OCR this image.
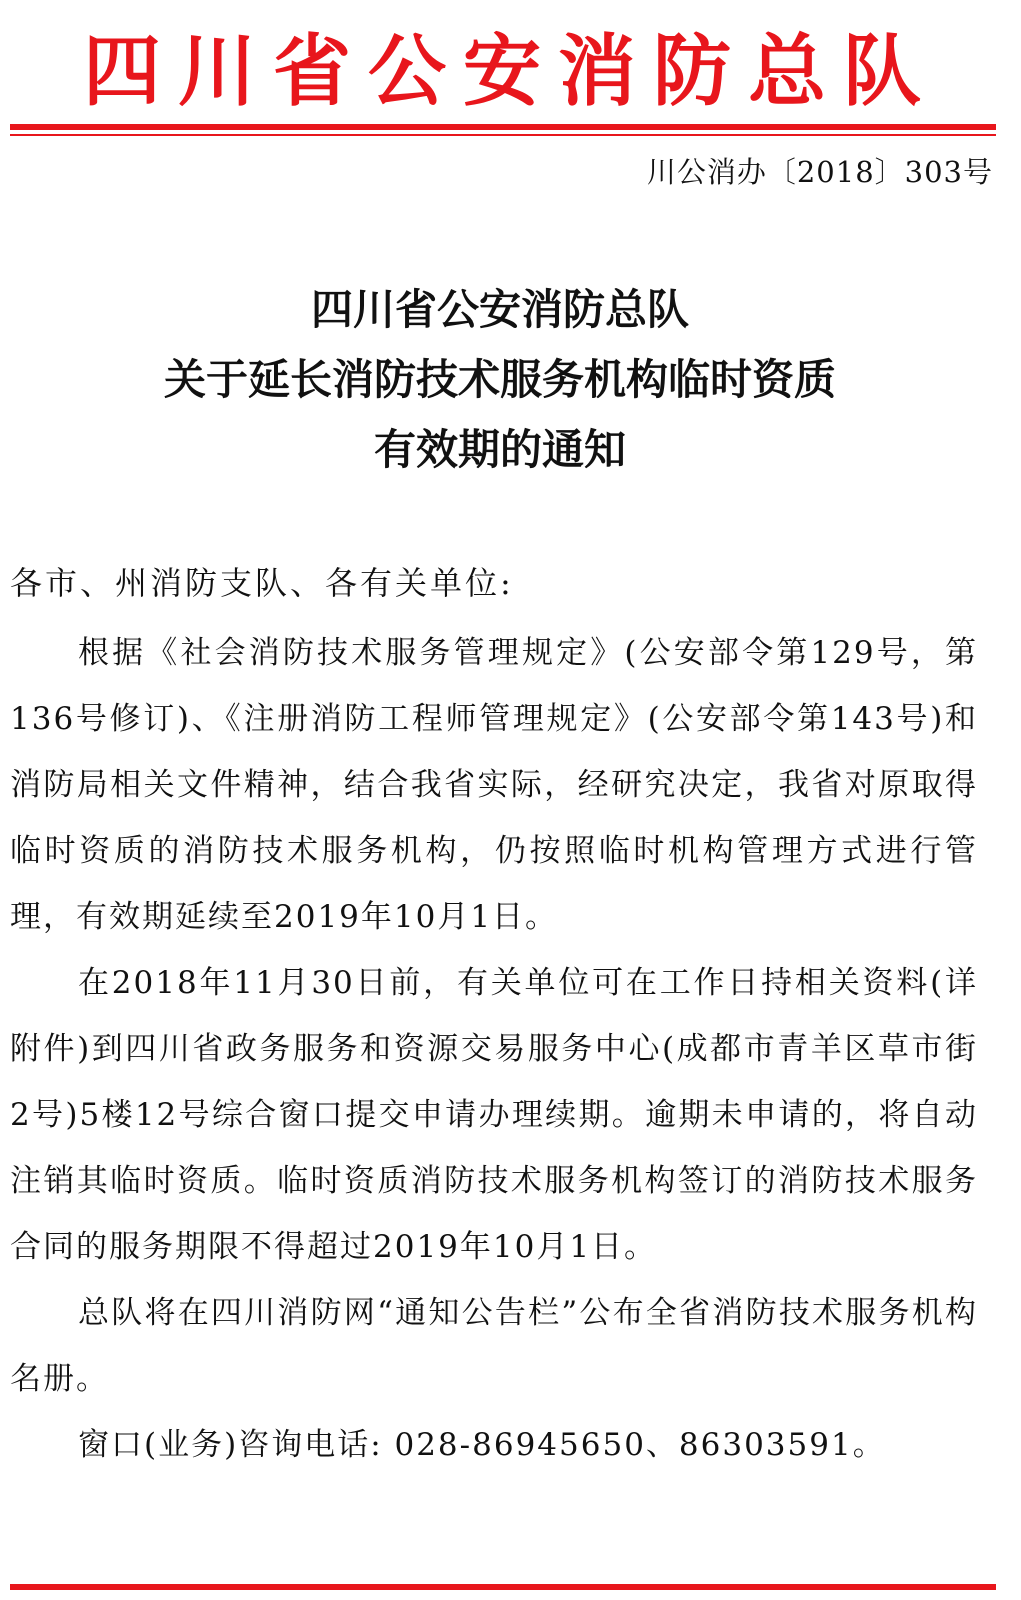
四川省公安消防总队
川公消办〔2018〕303号
四川省公安消防总队
关于延长消防技术服务机构临时资质
有效期的通知
各市、州消防支队、各有关单位:

根据《社会消防技术服务管理规定》(公安部令第129号，第136号修订)、《注册消防工程师管理规定》(公安部令第143号)和消防局相关文件精神，结合我省实际，经研究决定，我省对原取得临时资质的消防技术服务机构，仍按照临时机构管理方式进行管理，有效期延续至2019年10月1日。

在2018年11月30日前，有关单位可在工作日持相关资料(详附件)到四川省政务服务和资源交易服务中心(成都市青羊区草市街2号)5楼12号综合窗口提交申请办理续期。逾期未申请的，将自动注销其临时资质。临时资质消防技术服务机构签订的消防技术服务合同的服务期限不得超过2019年10月1日。

总队将在四川消防网“通知公告栏”公布全省消防技术服务机构名册。

窗口(业务)咨询电话: 028-86945650、86303591。
